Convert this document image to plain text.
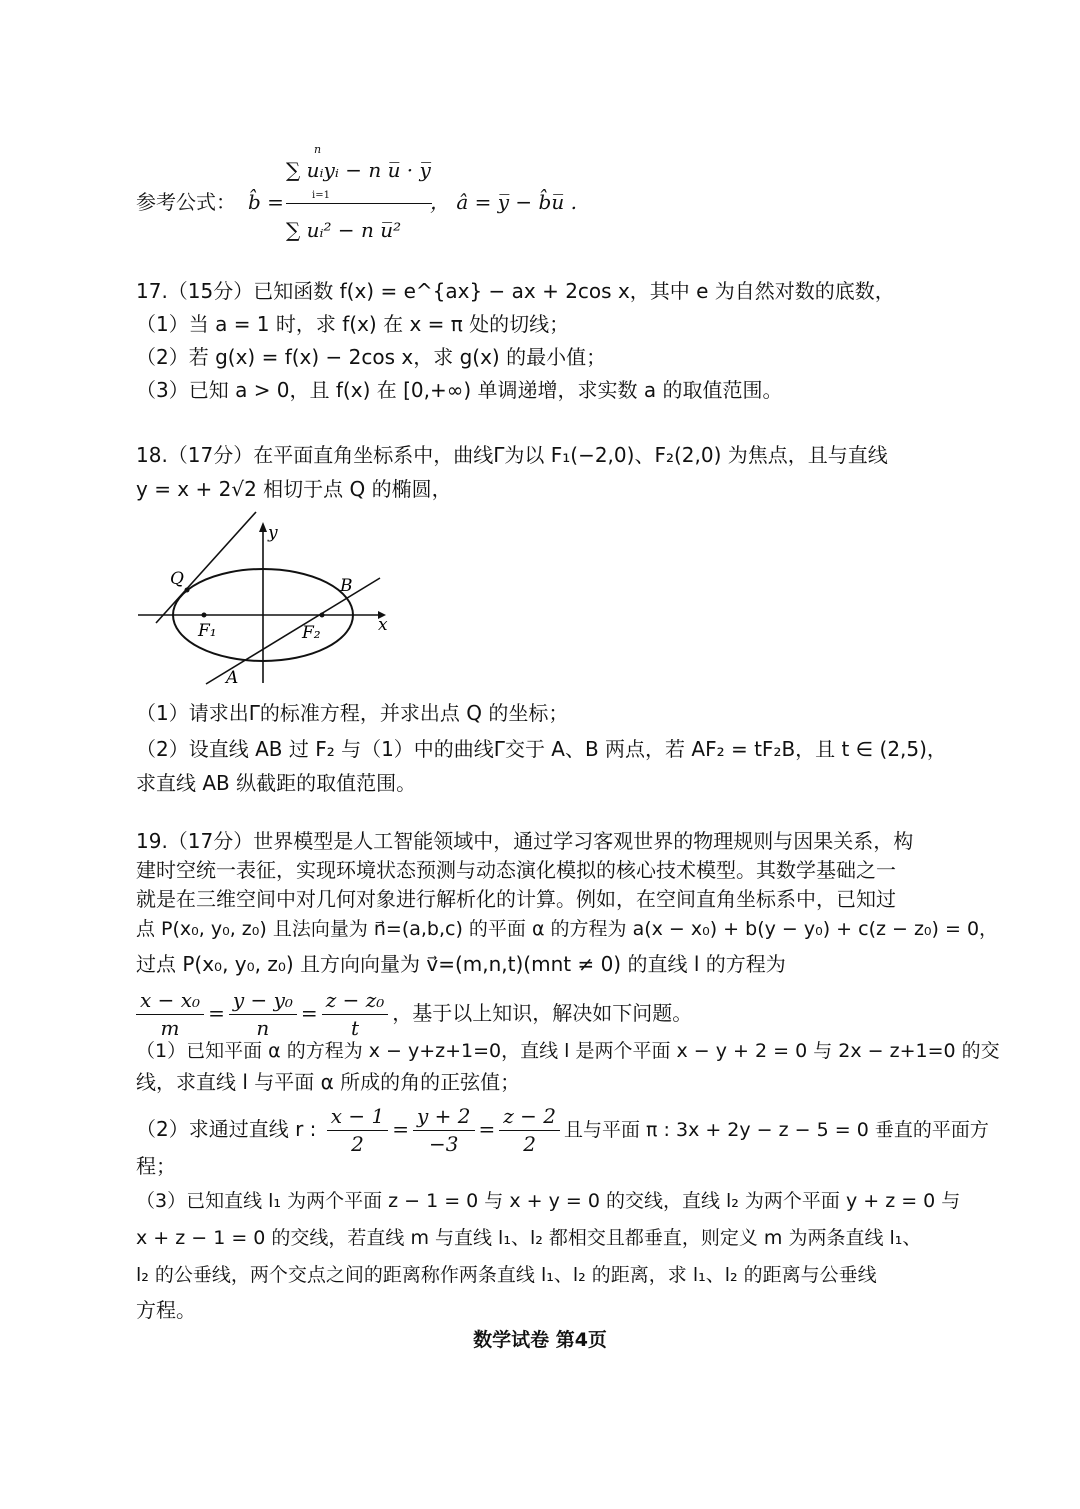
参考公式： b̂ =
n
∑ uᵢyᵢ − n u̅ · y̅
i=1
∑ uᵢ² − n u̅²
， â = y̅ − b̂u̅ .
17.（15分）已知函数 f(x) = e^{ax} − ax + 2cos x，其中 e 为自然对数的底数，
（1）当 a = 1 时，求 f(x) 在 x = π 处的切线；
（2）若 g(x) = f(x) − 2cos x，求 g(x) 的最小值；
（3）已知 a > 0，且 f(x) 在 [0,+∞) 单调递增，求实数 a 的取值范围。
18.（17分）在平面直角坐标系中，曲线Γ为以 F₁(−2,0)、F₂(2,0) 为焦点，且与直线
y = x + 2√2 相切于点 Q 的椭圆，
y
x
Q	B
A
F₁	F₂
（1）请求出Γ的标准方程，并求出点 Q 的坐标；
（2）设直线 AB 过 F₂ 与（1）中的曲线Γ交于 A、B 两点，若 AF₂ = tF₂B，且 t ∈ (2,5)，
求直线 AB 纵截距的取值范围。
19.（17分）世界模型是人工智能领域中，通过学习客观世界的物理规则与因果关系，构
建时空统一表征，实现环境状态预测与动态演化模拟的核心技术模型。其数学基础之一
就是在三维空间中对几何对象进行解析化的计算。例如，在空间直角坐标系中，已知过
点 P(x₀, y₀, z₀) 且法向量为 n⃗=(a,b,c) 的平面 α 的方程为 a(x − x₀) + b(y − y₀) + c(z − z₀) = 0，
过点 P(x₀, y₀, z₀) 且方向向量为 v⃗=(m,n,t)(mnt ≠ 0) 的直线 l 的方程为
$\frac{\text{x − x₀}}{m} = \frac{\text{y − y₀}}{n} = \frac{\text{z − z₀}}{t}$ ，基于以上知识，解决如下问题。
（1）已知平面 α 的方程为 x − y+z+1=0，直线 l 是两个平面 x − y + 2 = 0 与 2x − z+1=0 的交
线，求直线 l 与平面 α 所成的角的正弦值；
（2）求通过直线 r : $\frac{x - 1}{2} = \frac{y + 2}{-3} = \frac{z - 2}{2}$ 且与平面 π : 3x + 2y − z − 5 = 0 垂直的平面方
程；
（3）已知直线 l₁ 为两个平面 z − 1 = 0 与 x + y = 0 的交线，直线 l₂ 为两个平面 y + z = 0 与
x + z − 1 = 0 的交线，若直线 m 与直线 l₁、l₂ 都相交且都垂直，则定义 m 为两条直线 l₁、
l₂ 的公垂线，两个交点之间的距离称作两条直线 l₁、l₂ 的距离，求 l₁、l₂ 的距离与公垂线
方程。
数学试卷 第4页
